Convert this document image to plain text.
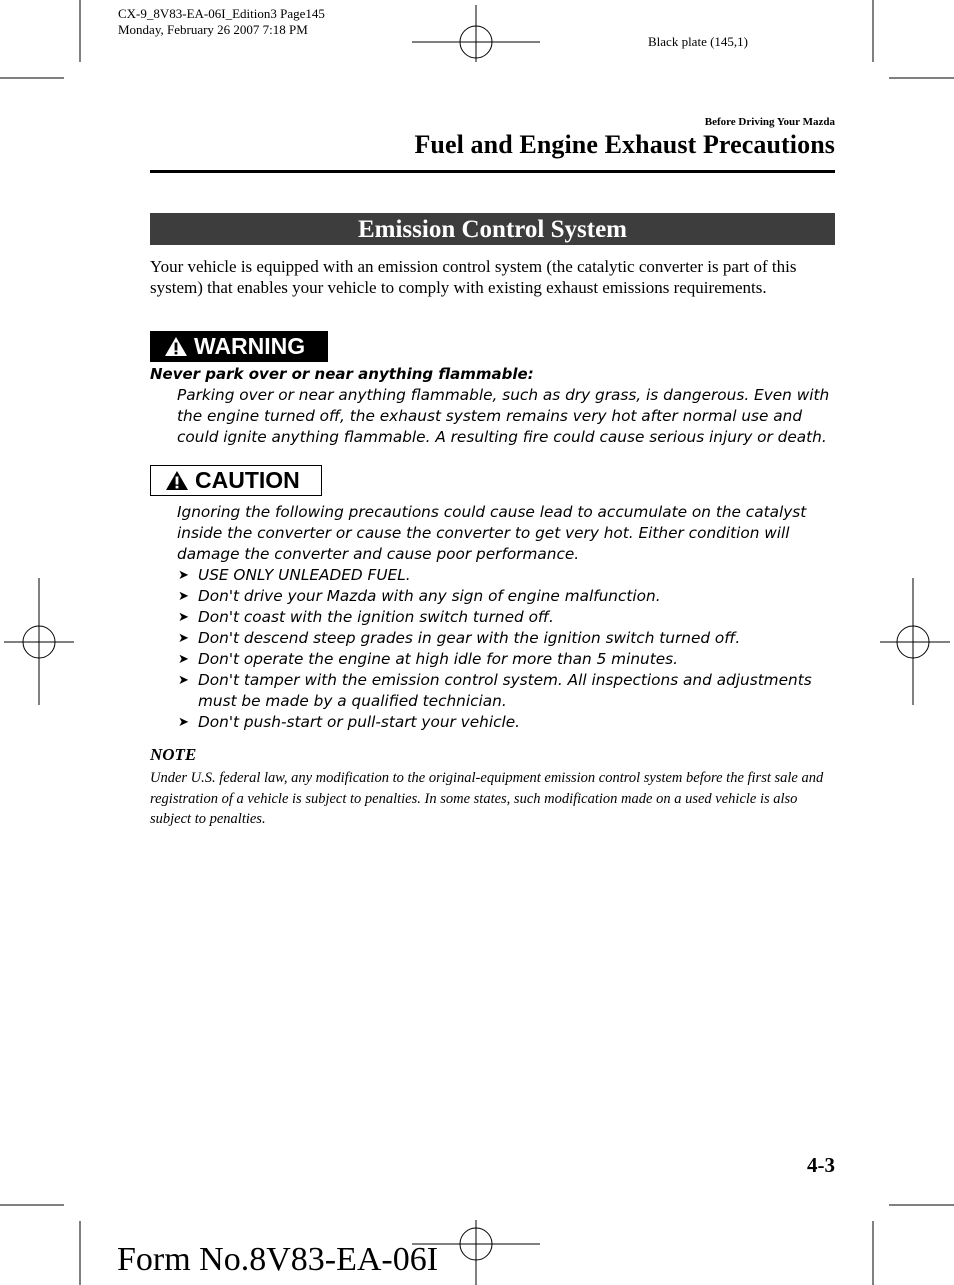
CX-9_8V83-EA-06I_Edition3 Page145
Monday, February 26 2007 7:18 PM
Black plate (145,1)
Before Driving Your Mazda
Fuel and Engine Exhaust Precautions
Emission Control System
Your vehicle is equipped with an emission control system (the catalytic converter is part of this system) that enables your vehicle to comply with existing exhaust emissions requirements.
WARNING
Never park over or near anything flammable:
Parking over or near anything flammable, such as dry grass, is dangerous. Even with the engine turned off, the exhaust system remains very hot after normal use and could ignite anything flammable. A resulting fire could cause serious injury or death.
CAUTION
Ignoring the following precautions could cause lead to accumulate on the catalyst inside the converter or cause the converter to get very hot. Either condition will damage the converter and cause poor performance.
➤ USE ONLY UNLEADED FUEL.
➤ Don't drive your Mazda with any sign of engine malfunction.
➤ Don't coast with the ignition switch turned off.
➤ Don't descend steep grades in gear with the ignition switch turned off.
➤ Don't operate the engine at high idle for more than 5 minutes.
➤ Don't tamper with the emission control system. All inspections and adjustments must be made by a qualified technician.
➤ Don't push-start or pull-start your vehicle.
NOTE
Under U.S. federal law, any modification to the original-equipment emission control system before the first sale and registration of a vehicle is subject to penalties. In some states, such modification made on a used vehicle is also subject to penalties.
4-3
Form No.8V83-EA-06I
